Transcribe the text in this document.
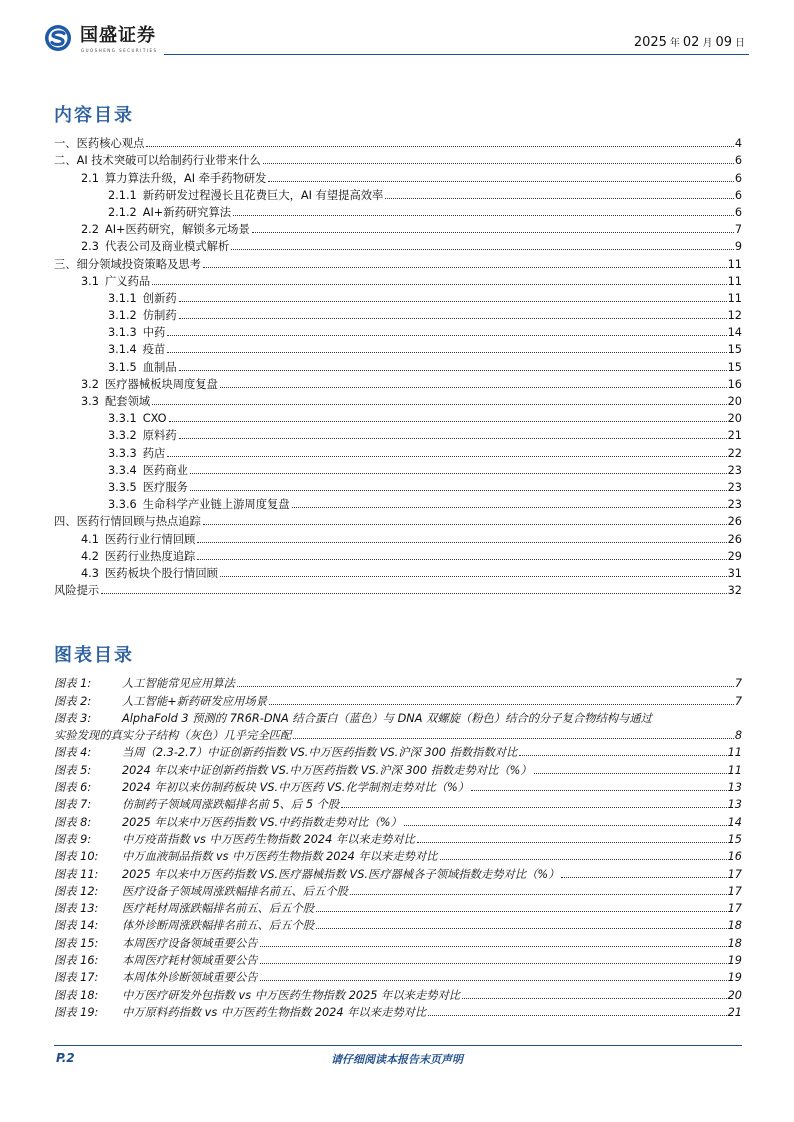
国盛证券
GUOSHENG SECURITIES
2025 年 02 月 09 日
内容目录
一、医药核心观点	4
二、AI 技术突破可以给制药行业带来什么	6
2.1 算力算法升级，AI 牵手药物研发	6
2.1.1 新药研发过程漫长且花费巨大，AI 有望提高效率	6
2.1.2 AI+新药研究算法	6
2.2 AI+医药研究，解锁多元场景	7
2.3 代表公司及商业模式解析	9
三、细分领域投资策略及思考	11
3.1 广义药品	11
3.1.1 创新药	11
3.1.2 仿制药	12
3.1.3 中药	14
3.1.4 疫苗	15
3.1.5 血制品	15
3.2 医疗器械板块周度复盘	16
3.3 配套领域	20
3.3.1 CXO	20
3.3.2 原料药	21
3.3.3 药店	22
3.3.4 医药商业	23
3.3.5 医疗服务	23
3.3.6 生命科学产业链上游周度复盘	23
四、医药行情回顾与热点追踪	26
4.1 医药行业行情回顾	26
4.2 医药行业热度追踪	29
4.3 医药板块个股行情回顾	31
风险提示	32
图表目录
图表 1:	人工智能常见应用算法	7
图表 2:	人工智能+新药研发应用场景	7
图表 3:	AlphaFold 3 预测的 7R6R-DNA 结合蛋白（蓝色）与 DNA 双螺旋（粉色）结合的分子复合物结构与通过
实验发现的真实分子结构（灰色）几乎完全匹配	8
图表 4:	当周（2.3-2.7）中证创新药指数 VS.中万医药指数 VS.沪深 300 指数指数对比	11
图表 5:	2024 年以来中证创新药指数 VS.中万医药指数 VS.沪深 300 指数走势对比（%）	11
图表 6:	2024 年初以来仿制药板块 VS.中万医药 VS.化学制剂走势对比（%）	13
图表 7:	仿制药子领域周涨跌幅排名前 5、后 5 个股	13
图表 8:	2025 年以来中万医药指数 VS.中药指数走势对比（%）	14
图表 9:	中万疫苗指数 vs 中万医药生物指数 2024 年以来走势对比	15
图表 10:	中万血液制品指数 vs 中万医药生物指数 2024 年以来走势对比	16
图表 11:	2025 年以来中万医药指数 VS.医疗器械指数 VS.医疗器械各子领域指数走势对比（%）	17
图表 12:	医疗设备子领域周涨跌幅排名前五、后五个股	17
图表 13:	医疗耗材周涨跌幅排名前五、后五个股	17
图表 14:	体外诊断周涨跌幅排名前五、后五个股	18
图表 15:	本周医疗设备领域重要公告	18
图表 16:	本周医疗耗材领域重要公告	19
图表 17:	本周体外诊断领域重要公告	19
图表 18:	中万医疗研发外包指数 vs 中万医药生物指数 2025 年以来走势对比	20
图表 19:	中万原料药指数 vs 中万医药生物指数 2024 年以来走势对比	21
请仔细阅读本报告末页声明
P.2
